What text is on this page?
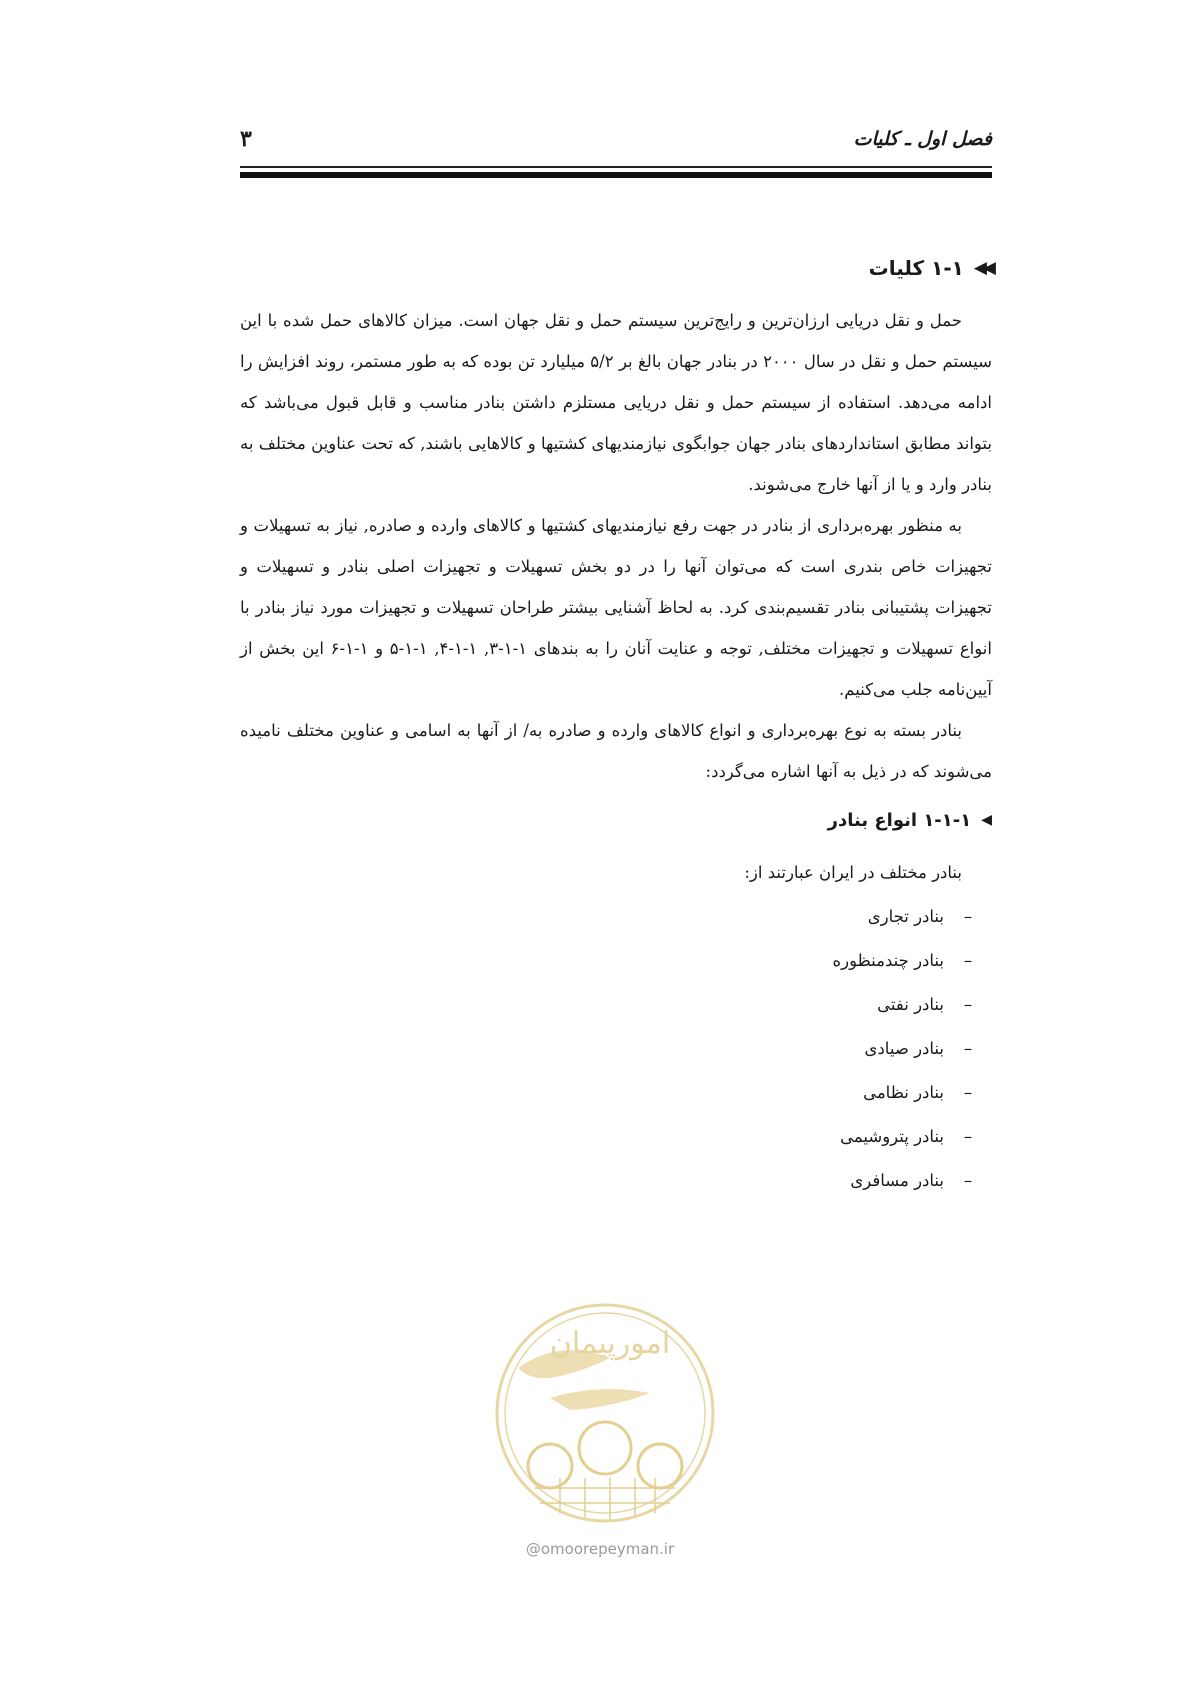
فصل اول ـ کلیات
۳
◀◀
۱-۱ کلیات

حمل و نقل دریایی ارزان‌ترین و رایج‌ترین سیستم حمل و نقل جهان است. میزان کالاهای حمل شده با این سیستم حمل و نقل در سال ۲۰۰۰ در بنادر جهان بالغ بر ۵/۲ میلیارد تن بوده که به طور مستمر، روند افزایش را ادامه می‌دهد. استفاده از سیستم حمل و نقل دریایی مستلزم داشتن بنادر مناسب و قابل قبول می‌باشد که بتواند مطابق استانداردهای بنادر جهان جوابگوی نیازمندیهای کشتیها و کالاهایی باشند, که تحت عناوین مختلف به بنادر وارد و یا از آنها خارج می‌شوند.

به منظور بهره‌برداری از بنادر در جهت رفع نیازمندیهای کشتیها و کالاهای وارده و صادره, نیاز به تسهیلات و تجهیزات خاص بندری است که می‌توان آنها را در دو بخش تسهیلات و تجهیزات اصلی بنادر و تسهیلات و تجهیزات پشتیبانی بنادر تقسیم‌بندی کرد. به لحاظ آشنایی بیشتر طراحان تسهیلات و تجهیزات مورد نیاز بنادر با انواع تسهیلات و تجهیزات مختلف, توجه و عنایت آنان را به بندهای ۱-۱-۳, ۱-۱-۴, ۱-۱-۵ و ۱-۱-۶ این بخش از آیین‌نامه جلب می‌کنیم.

بنادر بسته به نوع بهره‌برداری و انواع کالاهای وارده و صادره به/ از آنها به اسامی و عناوین مختلف نامیده می‌شوند که در ذیل به آنها اشاره می‌گردد:

◀
۱-۱-۱ انواع بنادر

بنادر مختلف در ایران عبارتند از:

–
بنادر تجاری
–
بنادر چندمنظوره
–
بنادر نفتی
–
بنادر صیادی
–
بنادر نظامی
–
بنادر پتروشیمی
–
بنادر مسافری
امورپیمان
@omoorepeyman.ir
